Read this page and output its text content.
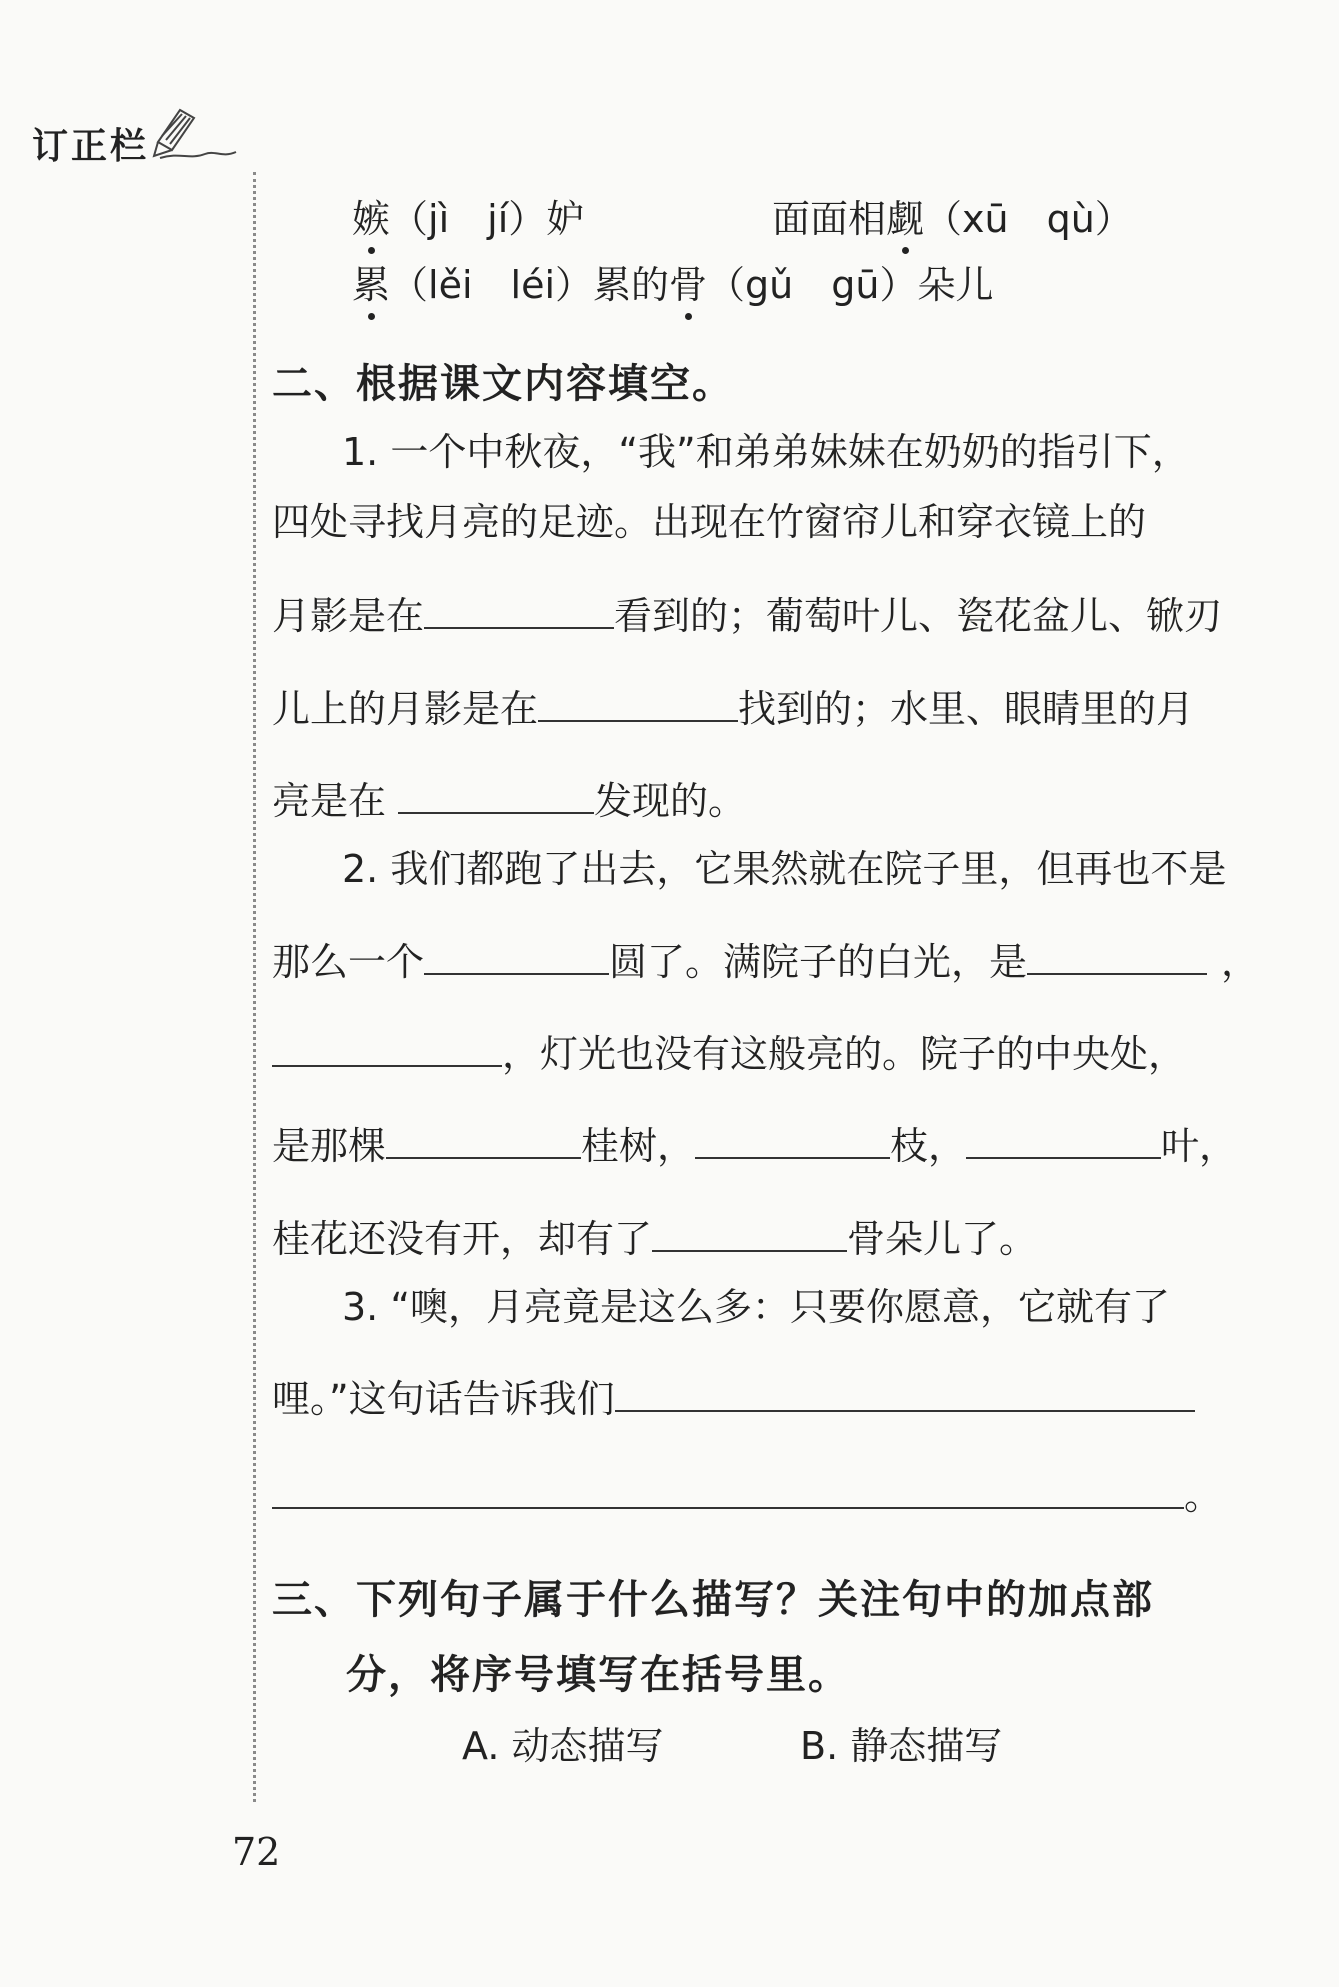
订正栏
嫉（jì　jí）妒	面面相觑（xū　qù）
累（lěi　léi）累的骨（gǔ　gū）朵儿
二、根据课文内容填空。
1. 一个中秋夜，“我”和弟弟妹妹在奶奶的指引下，
四处寻找月亮的足迹。出现在竹窗帘儿和穿衣镜上的
月影是在	看到的；葡萄叶儿、瓷花盆儿、锨刃
儿上的月影是在	找到的；水里、眼睛里的月
亮是在	发现的。
2. 我们都跑了出去，它果然就在院子里，但再也不是
那么一个	圆了。满院子的白光，是	，
，灯光也没有这般亮的。院子的中央处，
是那棵	桂树，	枝，	叶，
桂花还没有开，却有了	骨朵儿了。
3. “噢，月亮竟是这么多：只要你愿意，它就有了
哩。”这句话告诉我们
。
三、下列句子属于什么描写？关注句中的加点部
分，将序号填写在括号里。
A. 动态描写	B. 静态描写
72
